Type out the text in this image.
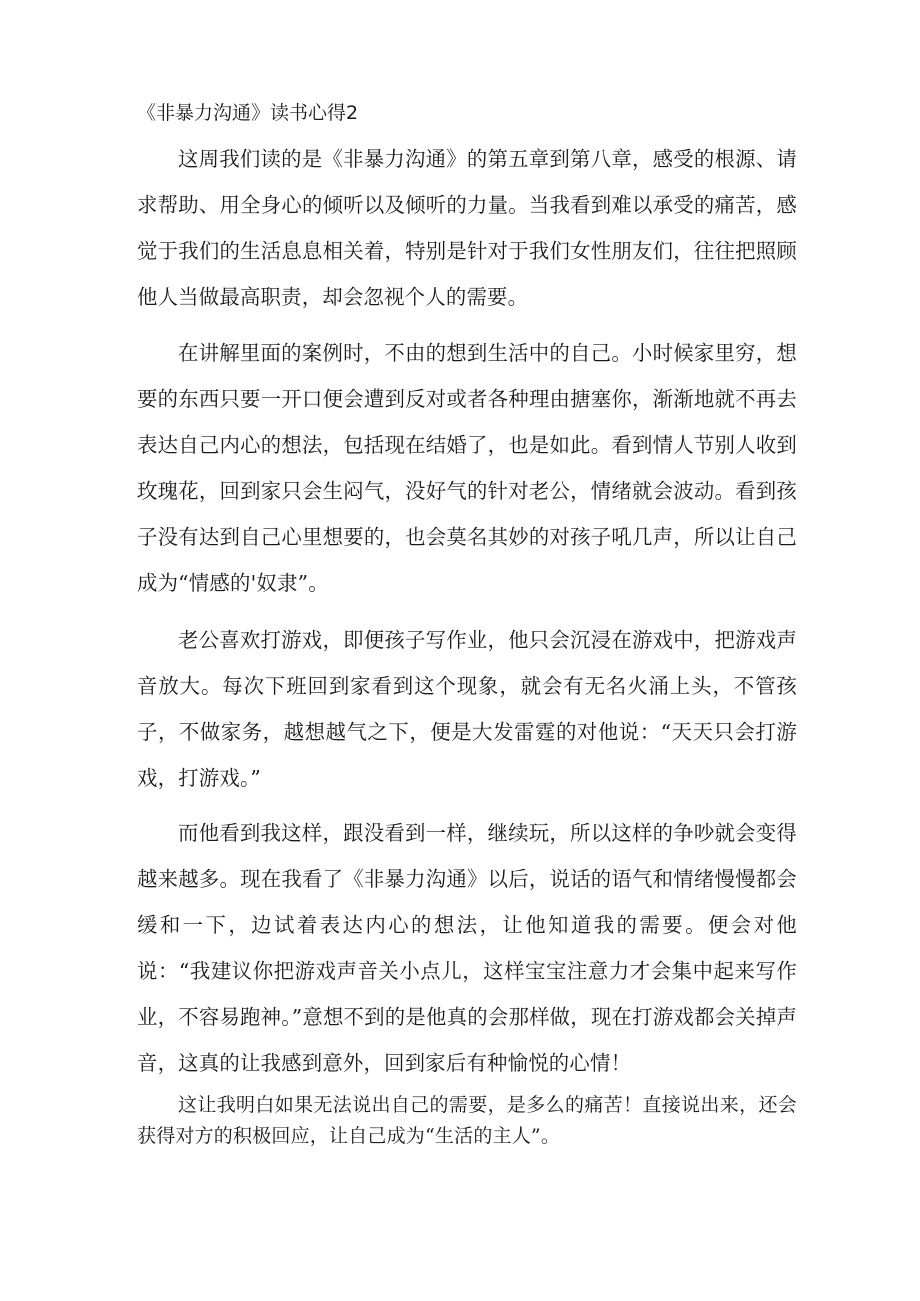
《非暴力沟通》读书心得2

这周我们读的是《非暴力沟通》的第五章到第八章，感受的根源、请求帮助、用全身心的倾听以及倾听的力量。当我看到难以承受的痛苦，感觉于我们的生活息息相关着，特别是针对于我们女性朋友们，往往把照顾他人当做最高职责，却会忽视个人的需要。

在讲解里面的案例时，不由的想到生活中的自己。小时候家里穷，想要的东西只要一开口便会遭到反对或者各种理由搪塞你，渐渐地就不再去表达自己内心的想法，包括现在结婚了，也是如此。看到情人节别人收到玫瑰花，回到家只会生闷气，没好气的针对老公，情绪就会波动。看到孩子没有达到自己心里想要的，也会莫名其妙的对孩子吼几声，所以让自己成为“情感的'奴隶”。

老公喜欢打游戏，即便孩子写作业，他只会沉浸在游戏中，把游戏声音放大。每次下班回到家看到这个现象，就会有无名火涌上头，不管孩子，不做家务，越想越气之下，便是大发雷霆的对他说：“天天只会打游戏，打游戏。”

而他看到我这样，跟没看到一样，继续玩，所以这样的争吵就会变得越来越多。现在我看了《非暴力沟通》以后，说话的语气和情绪慢慢都会缓和一下，边试着表达内心的想法，让他知道我的需要。便会对他说：“我建议你把游戏声音关小点儿，这样宝宝注意力才会集中起来写作业，不容易跑神。”意想不到的是他真的会那样做，现在打游戏都会关掉声音，这真的让我感到意外，回到家后有种愉悦的心情！

这让我明白如果无法说出自己的需要，是多么的痛苦！直接说出来，还会获得对方的积极回应，让自己成为“生活的主人”。
